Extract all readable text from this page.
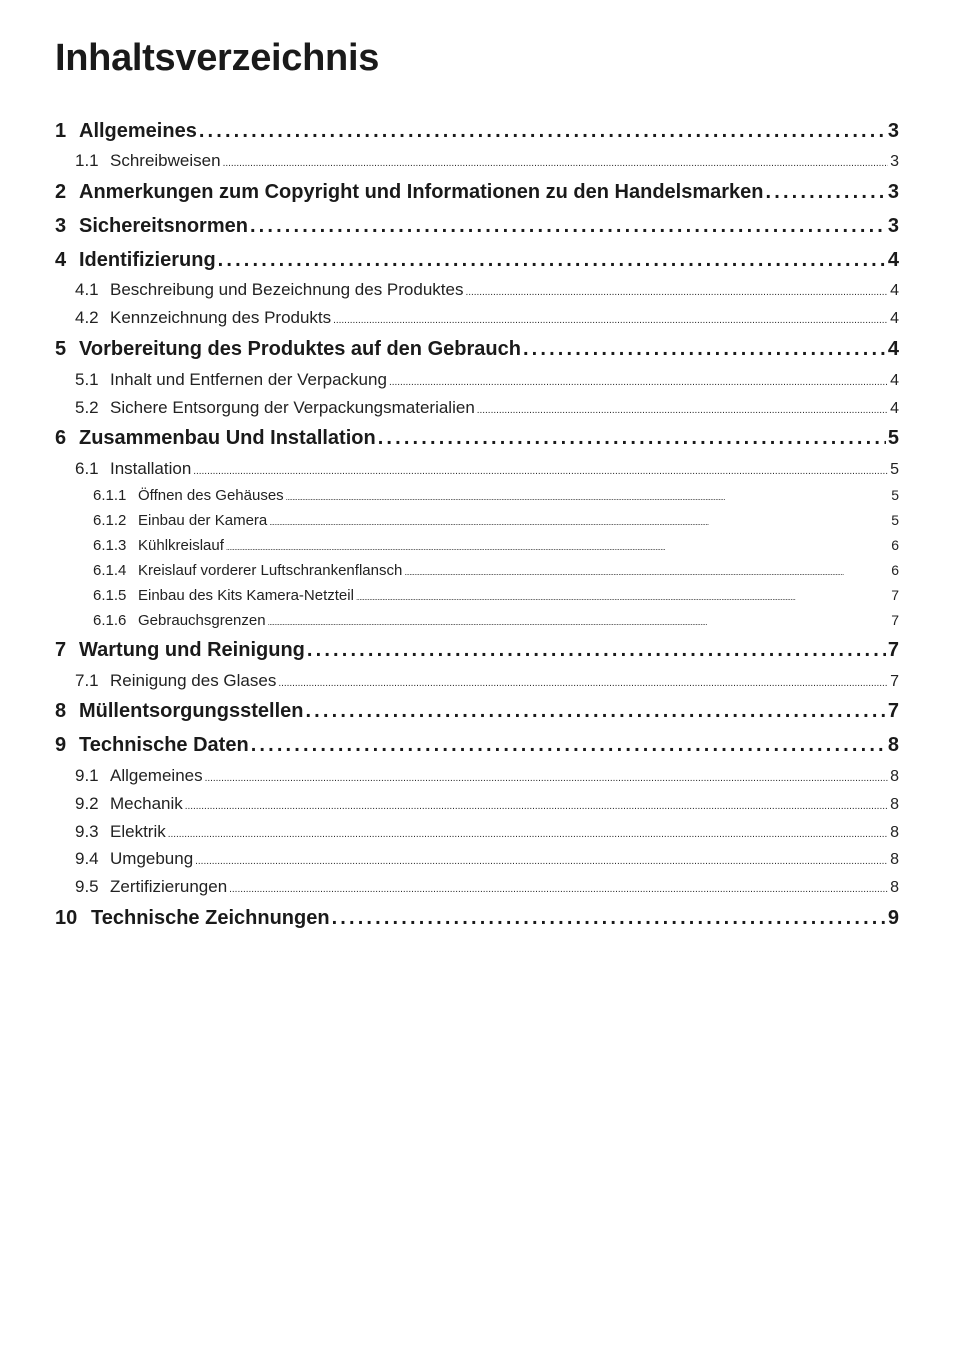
Inhaltsverzeichnis
1 Allgemeines . . .	3
1.1 Schreibweisen . . .	3
2 Anmerkungen zum Copyright und Informationen zu den Handelsmarken . . .	3
3 Sichereitsnormen . . .	3
4 Identifizierung . . .	4
4.1 Beschreibung und Bezeichnung des Produktes . . .	4
4.2 Kennzeichnung des Produkts . . .	4
5 Vorbereitung des Produktes auf den Gebrauch . . .	4
5.1 Inhalt und Entfernen der Verpackung . . .	4
5.2 Sichere Entsorgung der Verpackungsmaterialien . . .	4
6 Zusammenbau Und Installation . . .	5
6.1 Installation . . .	5
6.1.1 Öffnen des Gehäuses . . .	5
6.1.2 Einbau der Kamera . . .	5
6.1.3 Kühlkreislauf . . .	6
6.1.4 Kreislauf vorderer Luftschrankenflansch . . .	6
6.1.5 Einbau des Kits Kamera-Netzteil . . .	7
6.1.6 Gebrauchsgrenzen . . .	7
7 Wartung und Reinigung . . .	7
7.1 Reinigung des Glases . . .	7
8 Müllentsorgungsstellen . . .	7
9 Technische Daten . . .	8
9.1 Allgemeines . . .	8
9.2 Mechanik . . .	8
9.3 Elektrik . . .	8
9.4 Umgebung . . .	8
9.5 Zertifizierungen . . .	8
10 Technische Zeichnungen . . .	9
